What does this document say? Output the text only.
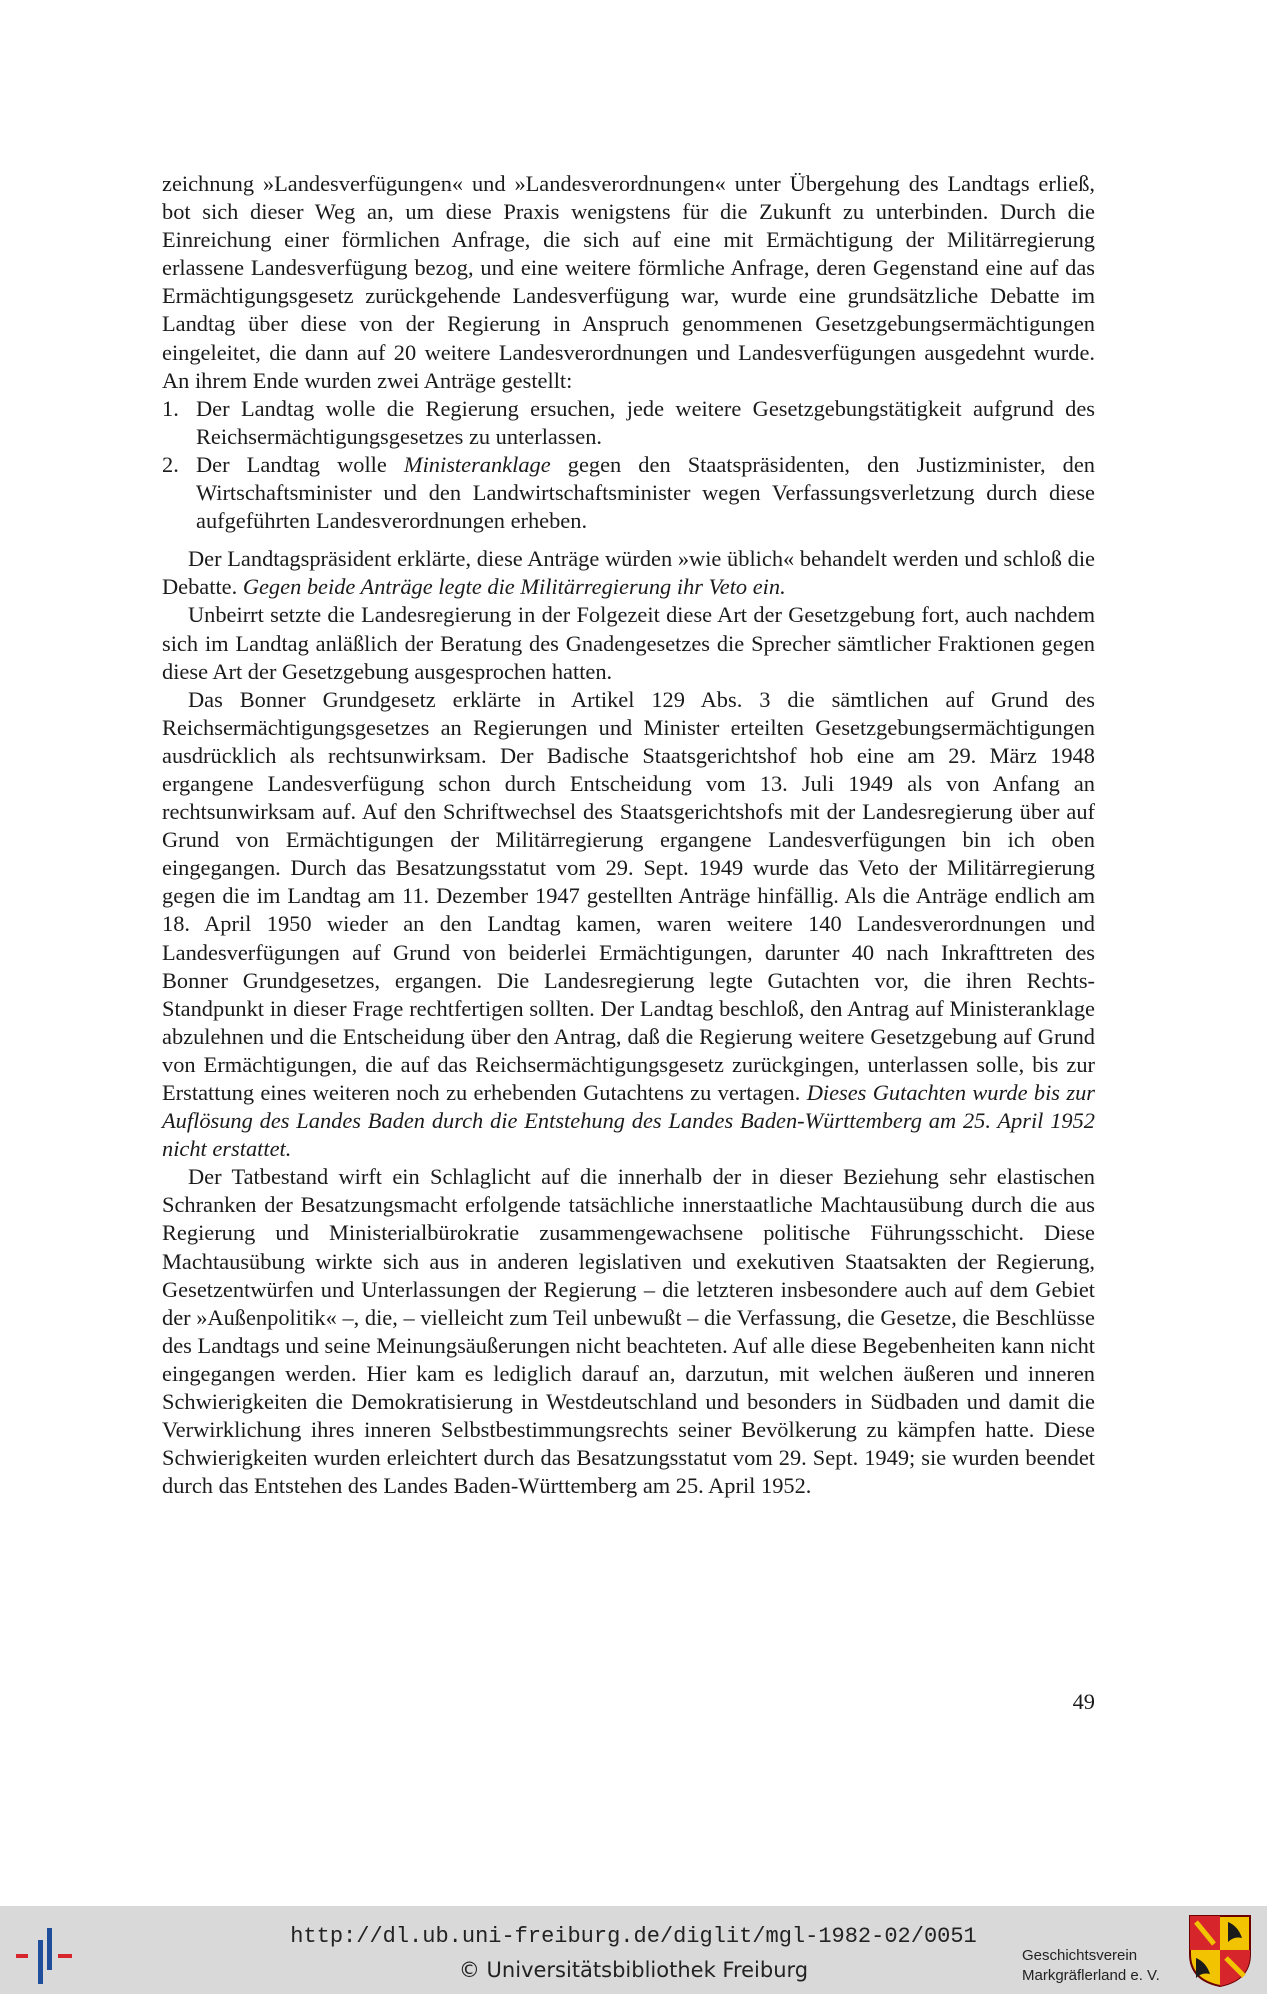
zeichnung »Landesverfügungen« und »Landesverordnungen« unter Übergehung des Landtags erließ, bot sich dieser Weg an, um diese Praxis wenigstens für die Zukunft zu unterbinden. Durch die Einreichung einer förmlichen Anfrage, die sich auf eine mit Ermächtigung der Militärregierung erlassene Landesverfügung bezog, und eine weitere förmliche Anfrage, deren Gegenstand eine auf das Ermächtigungsgesetz zurückgehende Landesverfügung war, wurde eine grundsätzliche Debatte im Landtag über diese von der Regierung in Anspruch genommenen Gesetzgebungsermächtigungen eingeleitet, die dann auf 20 weitere Landesverordnungen und Landesverfügungen ausgedehnt wurde. An ihrem Ende wurden zwei Anträge gestellt:

1. Der Landtag wolle die Regierung ersuchen, jede weitere Gesetzgebungstätigkeit aufgrund des Reichsermächtigungsgesetzes zu unterlassen.
2. Der Landtag wolle Ministeranklage gegen den Staatspräsidenten, den Justizminister, den Wirtschaftsminister und den Landwirtschaftsminister wegen Verfassungsverletzung durch diese aufgeführten Landesverordnungen erheben.

Der Landtagspräsident erklärte, diese Anträge würden »wie üblich« behandelt werden und schloß die Debatte. Gegen beide Anträge legte die Militärregierung ihr Veto ein.

Unbeirrt setzte die Landesregierung in der Folgezeit diese Art der Gesetzgebung fort, auch nachdem sich im Landtag anläßlich der Beratung des Gnadengesetzes die Sprecher sämtlicher Fraktionen gegen diese Art der Gesetzgebung ausgesprochen hatten.

Das Bonner Grundgesetz erklärte in Artikel 129 Abs. 3 die sämtlichen auf Grund des Reichsermächtigungsgesetzes an Regierungen und Minister erteilten Gesetzgebungsermächtigungen ausdrücklich als rechtsunwirksam. Der Badische Staatsgerichtshof hob eine am 29. März 1948 ergangene Landesverfügung schon durch Entscheidung vom 13. Juli 1949 als von Anfang an rechtsunwirksam auf. Auf den Schriftwechsel des Staatsgerichtshofs mit der Landesregierung über auf Grund von Ermächtigungen der Militärregierung ergangene Landesverfügungen bin ich oben eingegangen. Durch das Besatzungsstatut vom 29. Sept. 1949 wurde das Veto der Militärregierung gegen die im Landtag am 11. Dezember 1947 gestellten Anträge hinfällig. Als die Anträge endlich am 18. April 1950 wieder an den Landtag kamen, waren weitere 140 Landesverordnungen und Landesverfügungen auf Grund von beiderlei Ermächtigungen, darunter 40 nach Inkrafttreten des Bonner Grundgesetzes, ergangen. Die Landesregierung legte Gutachten vor, die ihren Rechts-Standpunkt in dieser Frage rechtfertigen sollten. Der Landtag beschloß, den Antrag auf Ministeranklage abzulehnen und die Entscheidung über den Antrag, daß die Regierung weitere Gesetzgebung auf Grund von Ermächtigungen, die auf das Reichsermächtigungsgesetz zurückgingen, unterlassen solle, bis zur Erstattung eines weiteren noch zu erhebenden Gutachtens zu vertagen. Dieses Gutachten wurde bis zur Auflösung des Landes Baden durch die Entstehung des Landes Baden-Württemberg am 25. April 1952 nicht erstattet.

Der Tatbestand wirft ein Schlaglicht auf die innerhalb der in dieser Beziehung sehr elastischen Schranken der Besatzungsmacht erfolgende tatsächliche innerstaatliche Machtausübung durch die aus Regierung und Ministerialbürokratie zusammengewachsene politische Führungsschicht. Diese Machtausübung wirkte sich aus in anderen legislativen und exekutiven Staatsakten der Regierung, Gesetzentwürfen und Unterlassungen der Regierung – die letzteren insbesondere auch auf dem Gebiet der »Außenpolitik« –, die, – vielleicht zum Teil unbewußt – die Verfassung, die Gesetze, die Beschlüsse des Landtags und seine Meinungsäußerungen nicht beachteten. Auf alle diese Begebenheiten kann nicht eingegangen werden. Hier kam es lediglich darauf an, darzutun, mit welchen äußeren und inneren Schwierigkeiten die Demokratisierung in Westdeutschland und besonders in Südbaden und damit die Verwirklichung ihres inneren Selbstbestimmungsrechts seiner Bevölkerung zu kämpfen hatte. Diese Schwierigkeiten wurden erleichtert durch das Besatzungsstatut vom 29. Sept. 1949; sie wurden beendet durch das Entstehen des Landes Baden-Württemberg am 25. April 1952.

49
http://dl.ub.uni-freiburg.de/diglit/mgl-1982-02/0051
© Universitätsbibliothek Freiburg
Geschichtsverein
Markgräflerland e. V.
